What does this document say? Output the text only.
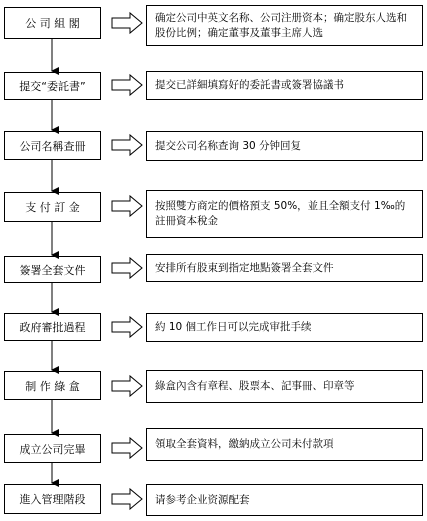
公 司 組 閣
提交“委託書”
公司名稱查冊
支 付 訂 金
簽署全套文件
政府審批過程
制 作 綠 盒
成立公司完畢
進入管理階段
确定公司中英文名称、公司注册资本；确定股东人选和股份比例；确定董事及董事主席人选
提交已詳細填寫好的委託書或簽署協議书
提交公司名称查询 30 分钟回复
按照雙方商定的價格預支 50%，並且全額支付 1‰的註冊資本稅金
安排所有股東到指定地點簽署全套文件
約 10 個工作日可以完成审批手续
綠盒內含有章程、股票本、記事冊、印章等
領取全套資料，繳納成立公司未付款項
请参考企业资源配套
